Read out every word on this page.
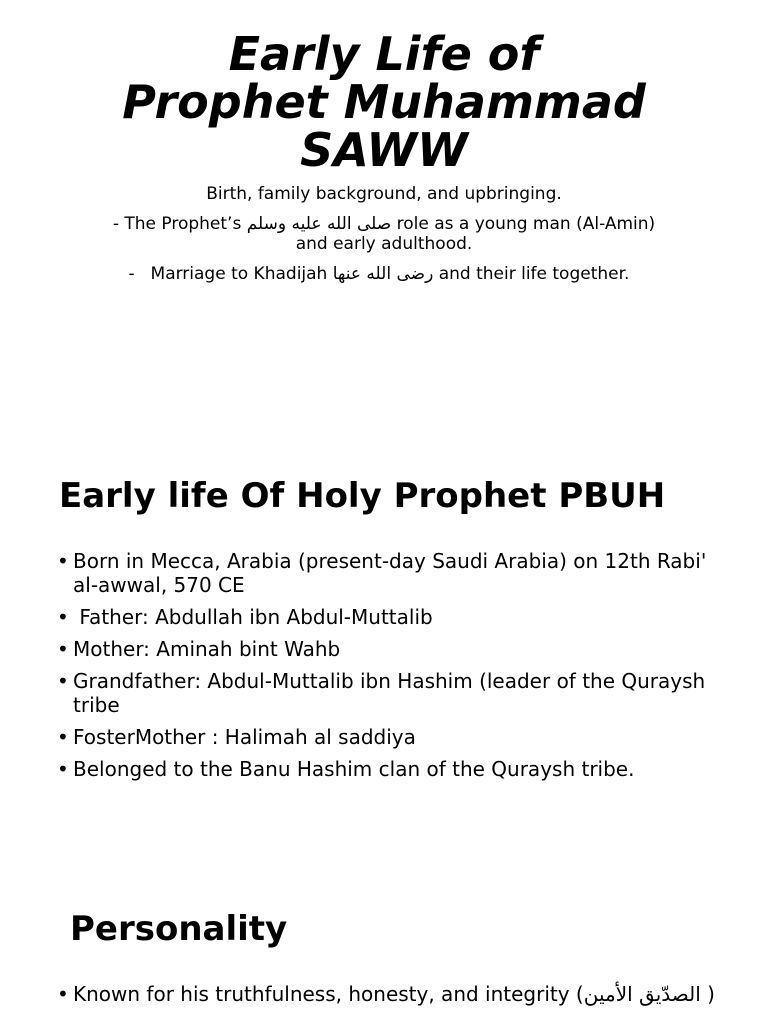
Early Life of
Prophet Muhammad
SAWW

Birth, family background, and upbringing.

- The Prophet’s صلى الله عليه وسلم role as a young man (Al-Amin) and early adulthood.

- Marriage to Khadijah رضى الله عنها and their life together.

Early life Of Holy Prophet PBUH
• Born in Mecca, Arabia (present-day Saudi Arabia) on 12th Rabi' al-awwal, 570 CE
• Father: Abdullah ibn Abdul-Muttalib
• Mother: Aminah bint Wahb
• Grandfather: Abdul-Muttalib ibn Hashim (leader of the Quraysh tribe
• FosterMother : Halimah al saddiya
• Belonged to the Banu Hashim clan of the Quraysh tribe.
Personality
• Known for his truthfulness, honesty, and integrity (الصدّيق الأمين )
